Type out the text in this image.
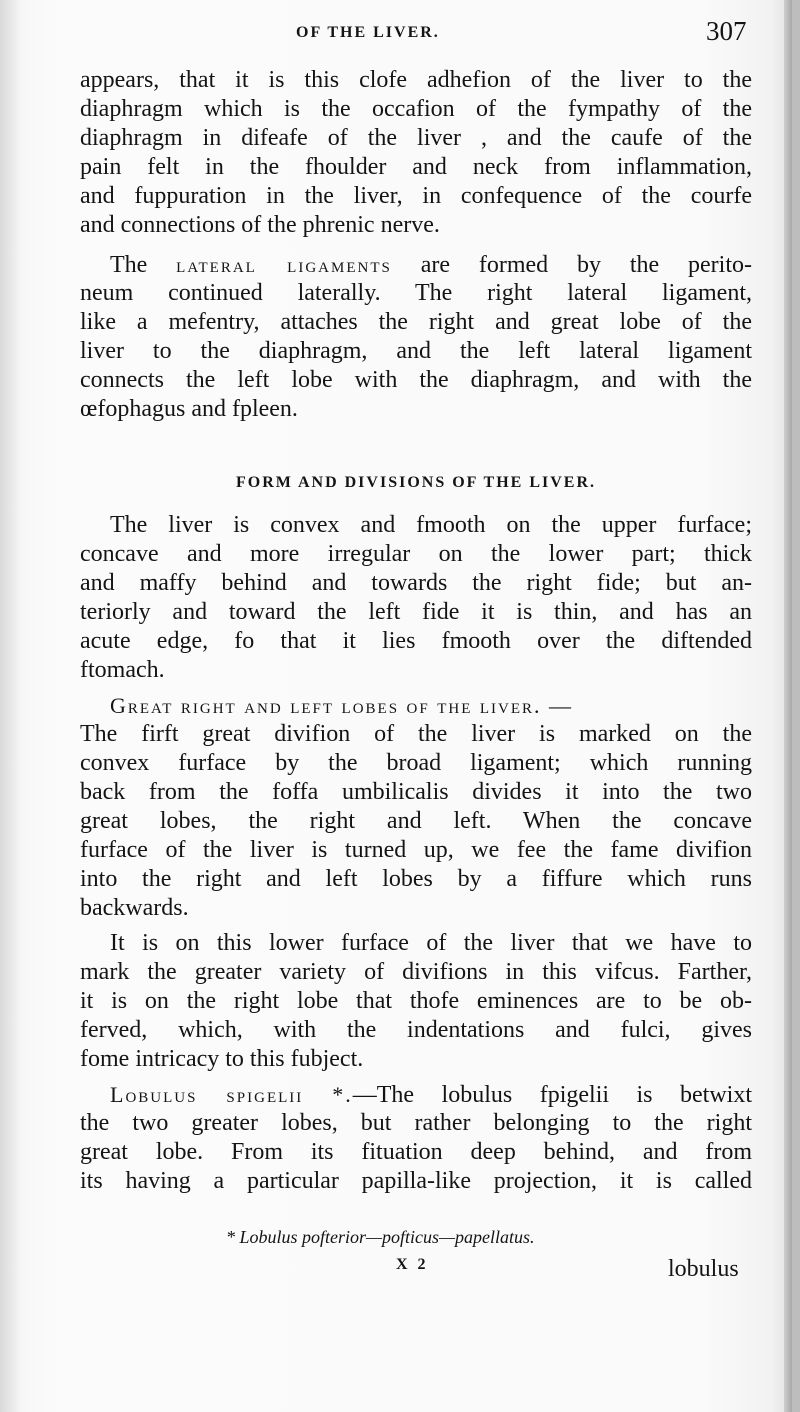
OF THE LIVER.	307
appears, that it is this clofe adhefion of the liver to the
diaphragm which is the occafion of the fympathy of the
diaphragm in difeafe of the liver , and the caufe of the
pain felt in the fhoulder and neck from inflammation,
and fuppuration in the liver, in confequence of the courfe
and connections of the phrenic nerve.
The lateral ligaments are formed by the perito-
neum continued laterally. The right lateral ligament,
like a mefentry, attaches the right and great lobe of the
liver to the diaphragm, and the left lateral ligament
connects the left lobe with the diaphragm, and with the
œfophagus and fpleen.
FORM AND DIVISIONS OF THE LIVER.
The liver is convex and fmooth on the upper furface;
concave and more irregular on the lower part; thick
and maffy behind and towards the right fide; but an-
teriorly and toward the left fide it is thin, and has an
acute edge, fo that it lies fmooth over the diftended
ftomach.
Great right and left lobes of the liver. —
The firft great divifion of the liver is marked on the
convex furface by the broad ligament; which running
back from the foffa umbilicalis divides it into the two
great lobes, the right and left. When the concave
furface of the liver is turned up, we fee the fame divifion
into the right and left lobes by a fiffure which runs
backwards.
It is on this lower furface of the liver that we have to
mark the greater variety of divifions in this vifcus. Farther,
it is on the right lobe that thofe eminences are to be ob-
ferved, which, with the indentations and fulci, gives
fome intricacy to this fubject.
Lobulus spigelii *.—The lobulus fpigelii is betwixt
the two greater lobes, but rather belonging to the right
great lobe. From its fituation deep behind, and from
its having a particular papilla-like projection, it is called
* Lobulus pofterior—pofticus—papellatus.
X 2	lobulus
